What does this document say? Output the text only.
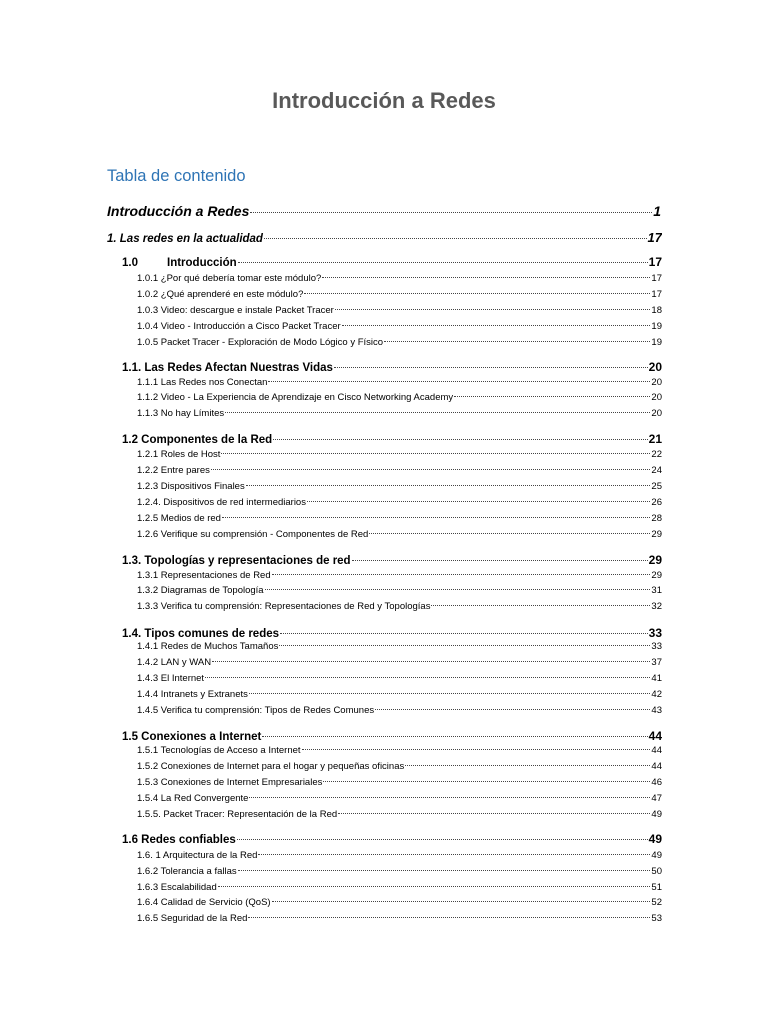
Introducción a Redes
Tabla de contenido
Introducción a Redes	1
1. Las redes en la actualidad	17
1.0	Introducción	17
1.0.1 ¿Por qué debería tomar este módulo?	17
1.0.2 ¿Qué aprenderé en este módulo?	17
1.0.3 Video: descargue e instale Packet Tracer	18
1.0.4 Video - Introducción a Cisco Packet Tracer	19
1.0.5 Packet Tracer - Exploración de Modo Lógico y Físico	19
1.1. Las Redes Afectan Nuestras Vidas	20
1.1.1 Las Redes nos Conectan	20
1.1.2 Video - La Experiencia de Aprendizaje en Cisco Networking Academy	20
1.1.3 No hay Límites	20
1.2 Componentes de la Red	21
1.2.1 Roles de Host	22
1.2.2 Entre pares	24
1.2.3 Dispositivos Finales	25
1.2.4. Dispositivos de red intermediarios	26
1.2.5 Medios de red	28
1.2.6 Verifique su comprensión - Componentes de Red	29
1.3. Topologías y representaciones de red	29
1.3.1 Representaciones de Red	29
1.3.2 Diagramas de Topología	31
1.3.3 Verifica tu comprensión: Representaciones de Red y Topologías	32
1.4. Tipos comunes de redes	33
1.4.1 Redes de Muchos Tamaños	33
1.4.2 LAN y WAN	37
1.4.3 El Internet	41
1.4.4 Intranets y Extranets	42
1.4.5 Verifica tu comprensión: Tipos de Redes Comunes	43
1.5 Conexiones a Internet	44
1.5.1 Tecnologías de Acceso a Internet	44
1.5.2 Conexiones de Internet para el hogar y pequeñas oficinas	44
1.5.3 Conexiones de Internet Empresariales	46
1.5.4 La Red Convergente	47
1.5.5. Packet Tracer: Representación de la Red	49
1.6 Redes confiables	49
1.6. 1 Arquitectura de la Red	49
1.6.2 Tolerancia a fallas	50
1.6.3 Escalabilidad	51
1.6.4 Calidad de Servicio (QoS)	52
1.6.5 Seguridad de la Red	53
